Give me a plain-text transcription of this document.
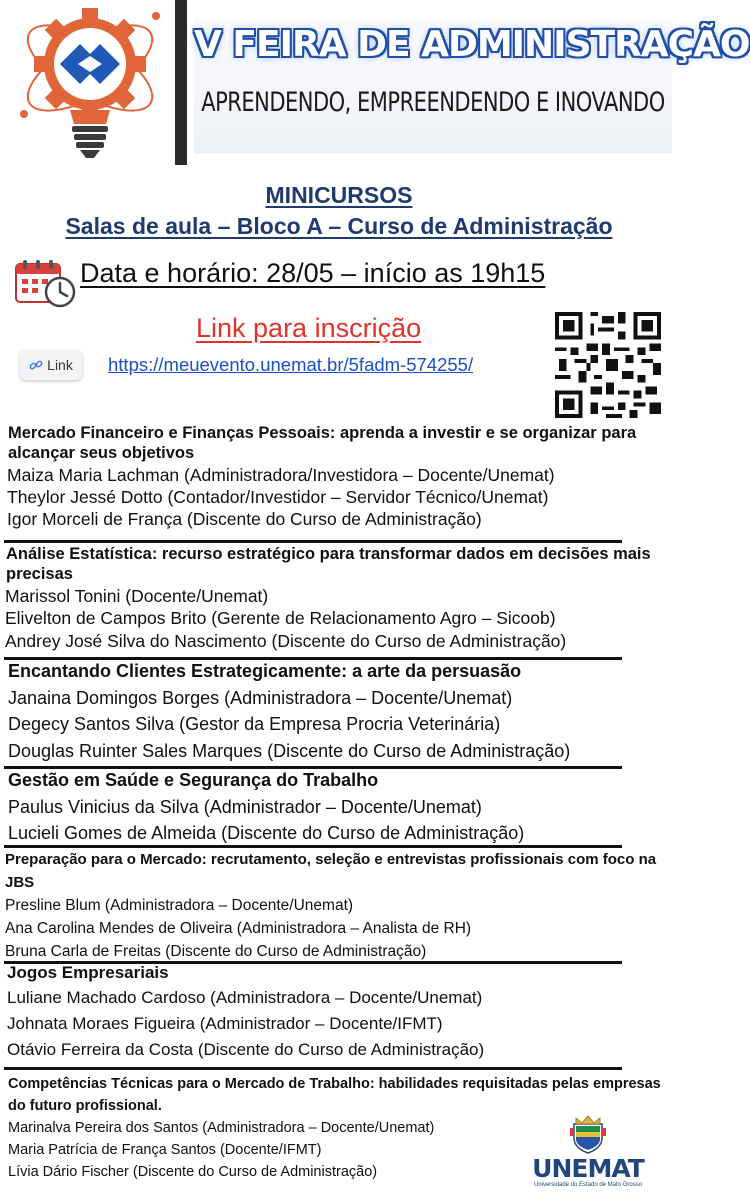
V FEIRA DE ADMINISTRAÇÃO
APRENDENDO, EMPREENDENDO E INOVANDO
MINICURSOS
Salas de aula – Bloco A – Curso de Administração
Data e horário: 28/05 – início as 19h15
Link para inscrição
Link https://meuevento.unemat.br/5fadm-574255/
Mercado Financeiro e Finanças Pessoais: aprenda a investir e se organizar para alcançar seus objetivos
Maiza Maria Lachman (Administradora/Investidora – Docente/Unemat)
Theylor Jessé Dotto (Contador/Investidor – Servidor Técnico/Unemat)
Igor Morceli de França (Discente do Curso de Administração)
Análise Estatística: recurso estratégico para transformar dados em decisões mais precisas
Marissol Tonini (Docente/Unemat)
Elivelton de Campos Brito (Gerente de Relacionamento Agro – Sicoob)
Andrey José Silva do Nascimento (Discente do Curso de Administração)
Encantando Clientes Estrategicamente: a arte da persuasão
Janaina Domingos Borges (Administradora – Docente/Unemat)
Degecy Santos Silva (Gestor da Empresa Procria Veterinária)
Douglas Ruinter Sales Marques (Discente do Curso de Administração)
Gestão em Saúde e Segurança do Trabalho
Paulus Vinicius da Silva (Administrador – Docente/Unemat)
Lucieli Gomes de Almeida (Discente do Curso de Administração)
Preparação para o Mercado: recrutamento, seleção e entrevistas profissionais com foco na JBS
Presline Blum (Administradora – Docente/Unemat)
Ana Carolina Mendes de Oliveira (Administradora – Analista de RH)
Bruna Carla de Freitas (Discente do Curso de Administração)
Jogos Empresariais
Luliane Machado Cardoso (Administradora – Docente/Unemat)
Johnata Moraes Figueira (Administrador – Docente/IFMT)
Otávio Ferreira da Costa (Discente do Curso de Administração)
Competências Técnicas para o Mercado de Trabalho: habilidades requisitadas pelas empresas do futuro profissional.
Marinalva Pereira dos Santos (Administradora – Docente/Unemat)
Maria Patrícia de França Santos (Docente/IFMT)
Lívia Dário Fischer (Discente do Curso de Administração)	UNEMAT
Universidade do Estado de Mato Grosso
